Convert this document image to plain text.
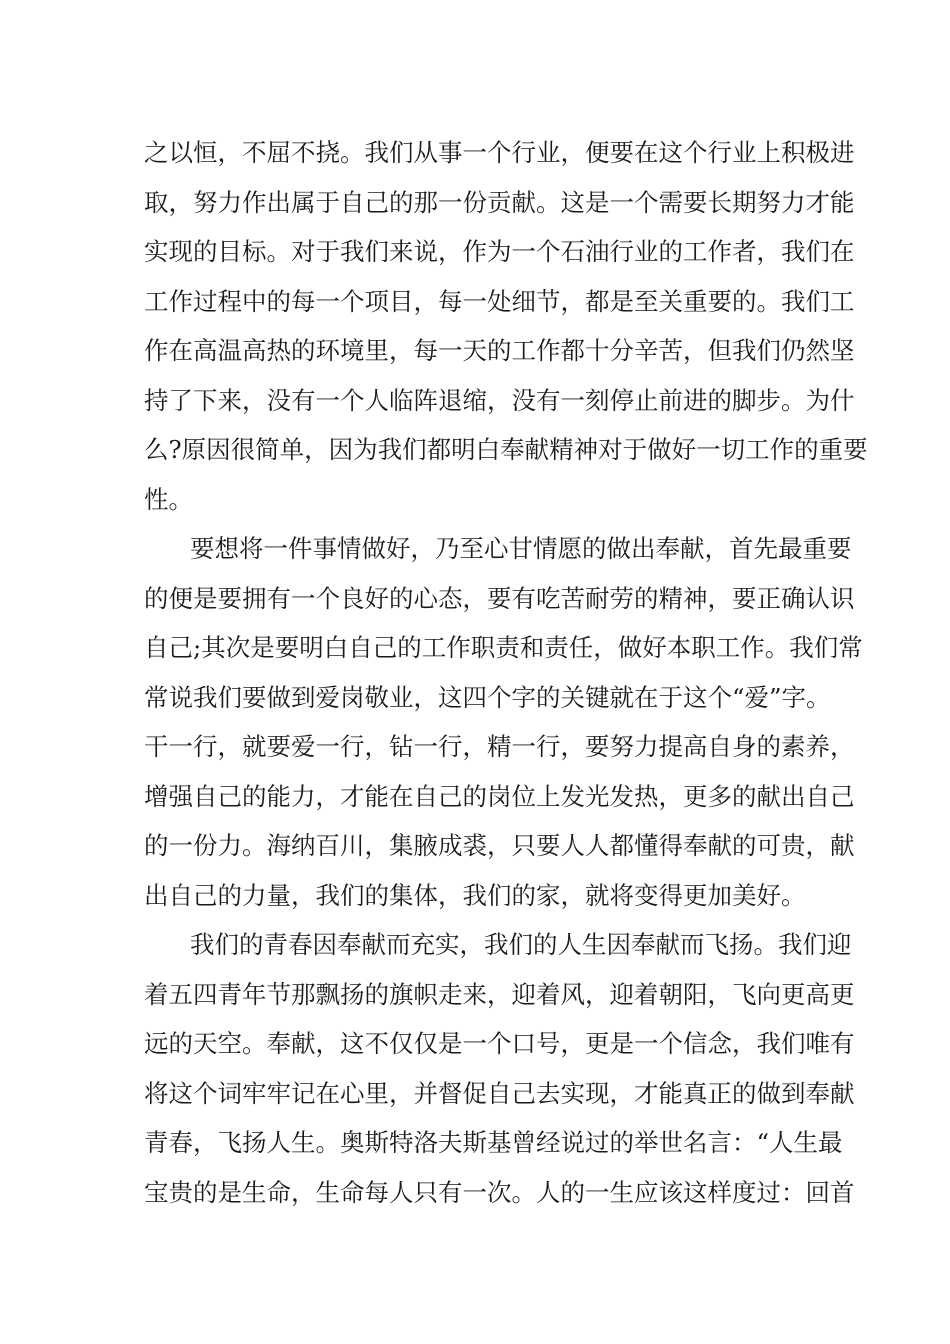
之以恒，不屈不挠。我们从事一个行业，便要在这个行业上积极进
取，努力作出属于自己的那一份贡献。这是一个需要长期努力才能
实现的目标。对于我们来说，作为一个石油行业的工作者，我们在
工作过程中的每一个项目，每一处细节，都是至关重要的。我们工
作在高温高热的环境里，每一天的工作都十分辛苦，但我们仍然坚
持了下来，没有一个人临阵退缩，没有一刻停止前进的脚步。为什
么?原因很简单，因为我们都明白奉献精神对于做好一切工作的重要
性。
要想将一件事情做好，乃至心甘情愿的做出奉献，首先最重要
的便是要拥有一个良好的心态，要有吃苦耐劳的精神，要正确认识
自己;其次是要明白自己的工作职责和责任，做好本职工作。我们常
常说我们要做到爱岗敬业，这四个字的关键就在于这个“爱”字。
干一行，就要爱一行，钻一行，精一行，要努力提高自身的素养，
增强自己的能力，才能在自己的岗位上发光发热，更多的献出自己
的一份力。海纳百川，集腋成裘，只要人人都懂得奉献的可贵，献
出自己的力量，我们的集体，我们的家，就将变得更加美好。
我们的青春因奉献而充实，我们的人生因奉献而飞扬。我们迎
着五四青年节那飘扬的旗帜走来，迎着风，迎着朝阳，飞向更高更
远的天空。奉献，这不仅仅是一个口号，更是一个信念，我们唯有
将这个词牢牢记在心里，并督促自己去实现，才能真正的做到奉献
青春，飞扬人生。奥斯特洛夫斯基曾经说过的举世名言：“人生最
宝贵的是生命，生命每人只有一次。人的一生应该这样度过：回首
